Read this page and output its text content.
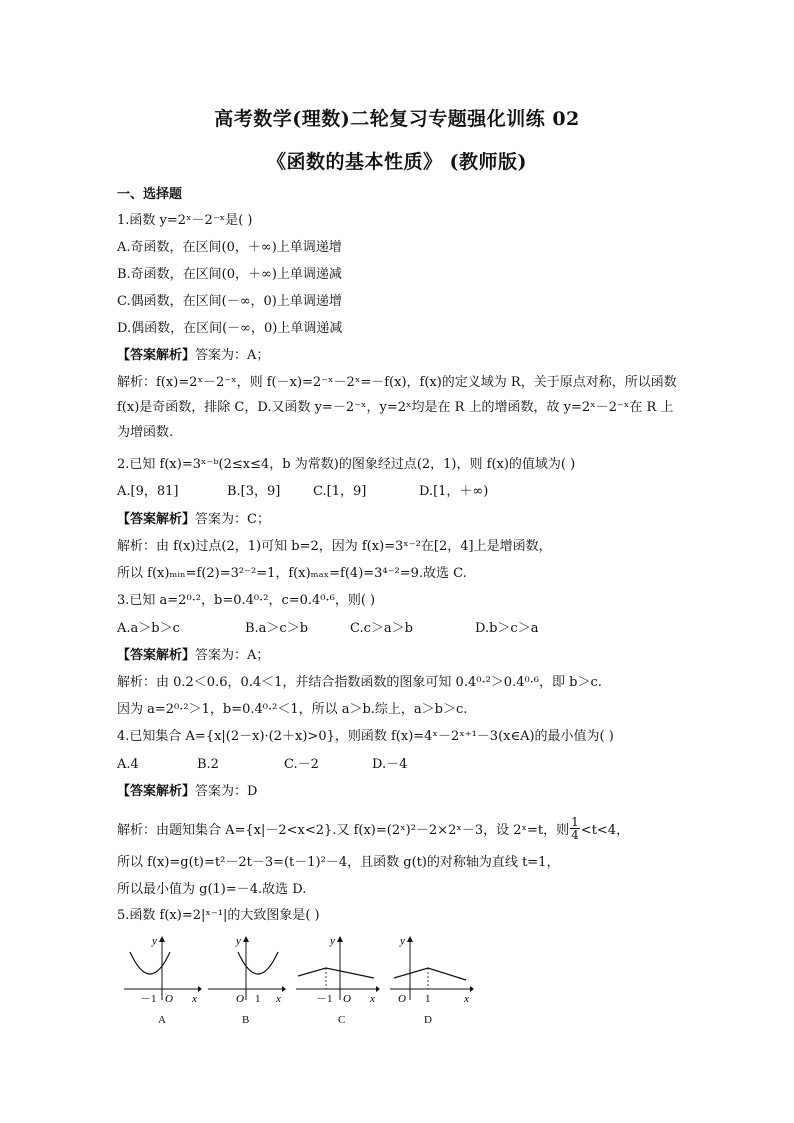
高考数学(理数)二轮复习专题强化训练 02
《函数的基本性质》 (教师版)
一、选择题
1.函数 y=2ˣ－2⁻ˣ是( )
A.奇函数，在区间(0，＋∞)上单调递增
B.奇函数，在区间(0，＋∞)上单调递减
C.偶函数，在区间(－∞，0)上单调递增
D.偶函数，在区间(－∞，0)上单调递减
【答案解析】答案为：A；
解析：f(x)=2ˣ－2⁻ˣ，则 f(－x)=2⁻ˣ－2ˣ=－f(x)，f(x)的定义域为 R，关于原点对称，所以函数 f(x)是奇函数，排除 C，D.又函数 y=－2⁻ˣ，y=2ˣ均是在 R 上的增函数，故 y=2ˣ－2⁻ˣ在 R 上为增函数.
2.已知 f(x)=3ˣ⁻ᵇ(2≤x≤4，b 为常数)的图象经过点(2，1)，则 f(x)的值域为( )
A.[9，81]	B.[3，9]	C.[1，9]	D.[1，＋∞)
【答案解析】答案为：C；
解析：由 f(x)过点(2，1)可知 b=2，因为 f(x)=3ˣ⁻²在[2，4]上是增函数，
所以 f(x)ₘᵢₙ=f(2)=3²⁻²=1，f(x)ₘₐₓ=f(4)=3⁴⁻²=9.故选 C.
3.已知 a=2⁰·²，b=0.4⁰·²，c=0.4⁰·⁶，则( )
A.a＞b＞c	B.a＞c＞b	C.c＞a＞b	D.b＞c＞a
【答案解析】答案为：A；
解析：由 0.2＜0.6，0.4＜1，并结合指数函数的图象可知 0.4⁰·²＞0.4⁰·⁶，即 b＞c.
因为 a=2⁰·²＞1，b=0.4⁰·²＜1，所以 a＞b.综上，a＞b＞c.
4.已知集合 A={x|(2－x)·(2＋x)>0}，则函数 f(x)=4ˣ－2ˣ⁺¹－3(x∈A)的最小值为( )
A.4	B.2	C.－2	D.－4
【答案解析】答案为：D
解析：由题知集合 A={x|－2<x<2}.又 f(x)=(2ˣ)²－2×2ˣ－3，设 2ˣ=t，则 $\frac{1}{4} <t<4$，
所以 f(x)=g(t)=t²－2t－3=(t－1)²－4，且函数 g(t)的对称轴为直线 t=1，
所以最小值为 g(1)=－4.故选 D.
5.函数 f(x)=2|ˣ⁻¹|的大致图象是( )
y
x
O
－1
y
x
O 1
y
x
O
－1
y
x
O 1
A	B	C	D
